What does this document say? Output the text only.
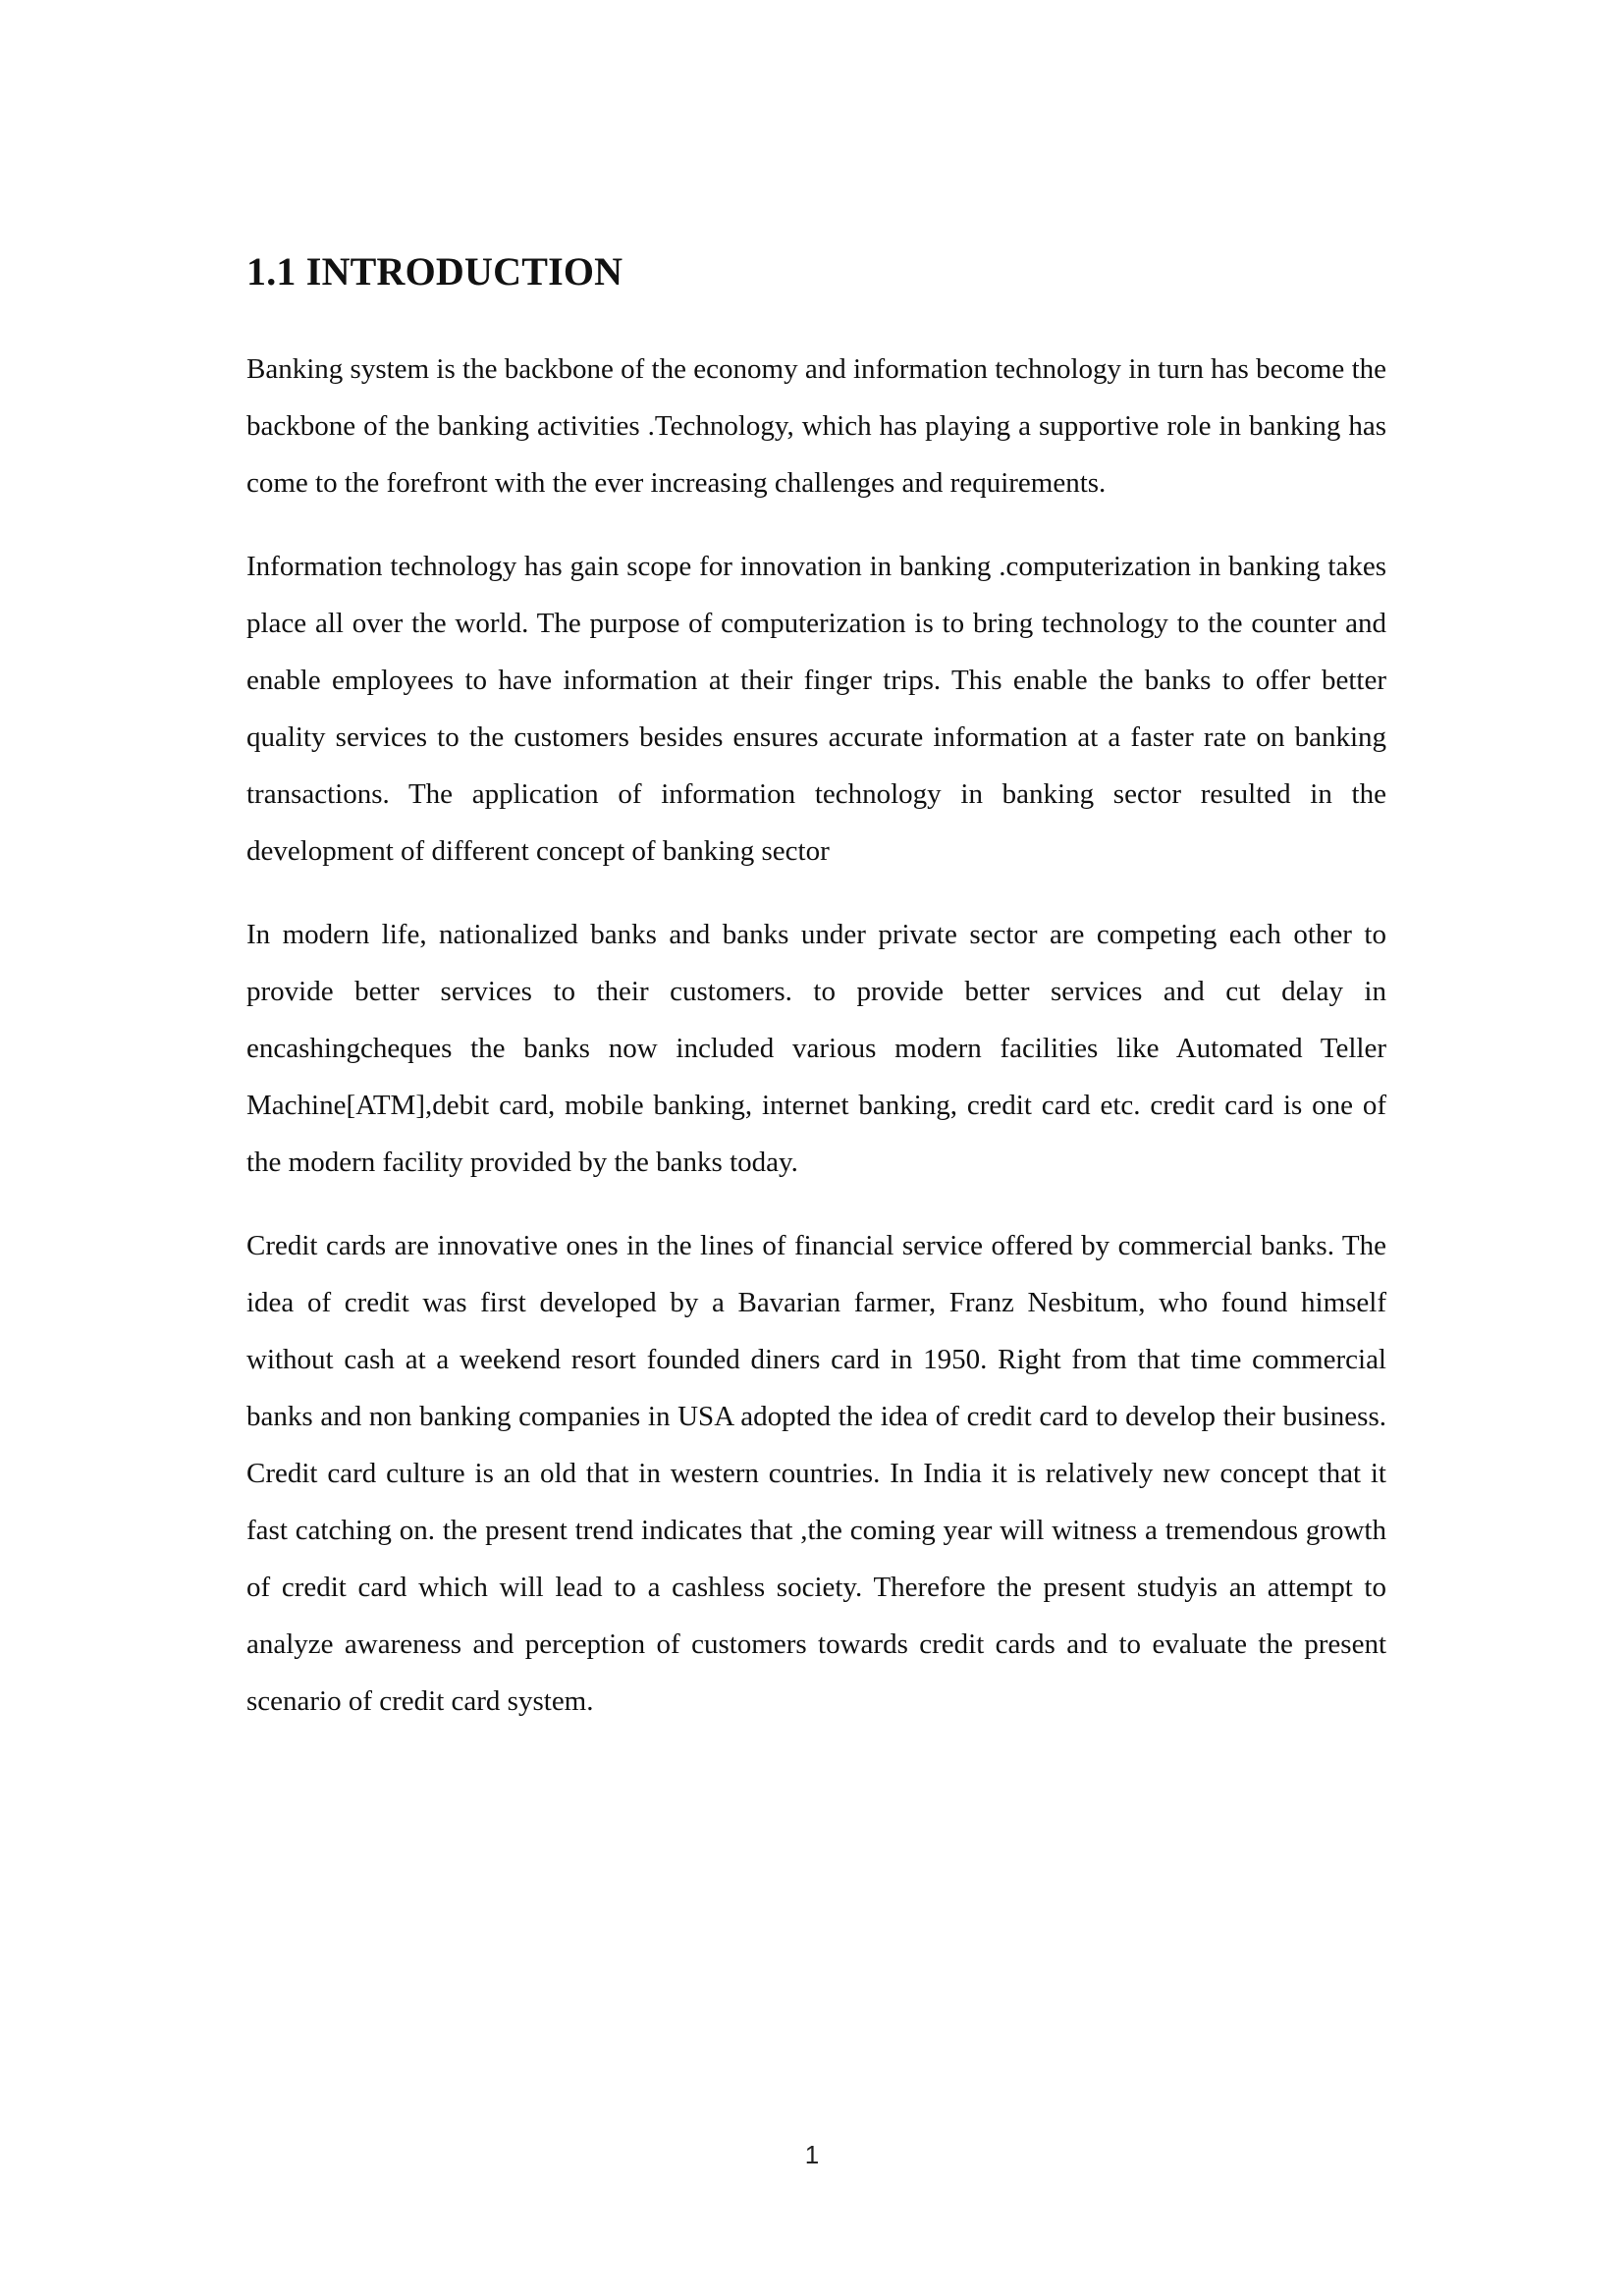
1.1 INTRODUCTION

Banking system is the backbone of the economy and information technology in turn has become the backbone of the banking activities .Technology, which has playing a supportive role in banking has come to the forefront with the ever increasing challenges and requirements.

Information technology has gain scope for innovation in banking .computerization in banking takes place all over the world. The purpose of computerization is to bring technology to the counter and enable employees to have information at their finger trips. This enable the banks to offer better quality services to the customers besides ensures accurate information at a faster rate on banking transactions. The application of information technology in banking sector resulted in the development of different concept of banking sector

In modern life, nationalized banks and banks under private sector are competing each other to provide better services to their customers. to provide better services and cut delay in encashingcheques the banks now included various modern facilities like Automated Teller Machine[ATM],debit card, mobile banking, internet banking, credit card etc. credit card is one of the modern facility provided by the banks today.

Credit cards are innovative ones in the lines of financial service offered by commercial banks. The idea of credit was first developed by a Bavarian farmer, Franz Nesbitum, who found himself without cash at a weekend resort founded diners card in 1950. Right from that time commercial banks and non banking companies in USA adopted the idea of credit card to develop their business. Credit card culture is an old that in western countries. In India it is relatively new concept that it fast catching on. the present trend indicates that ,the coming year will witness a tremendous growth of credit card which will lead to a cashless society. Therefore the present studyis an attempt to analyze awareness and perception of customers towards credit cards and to evaluate the present scenario of credit card system.

1
